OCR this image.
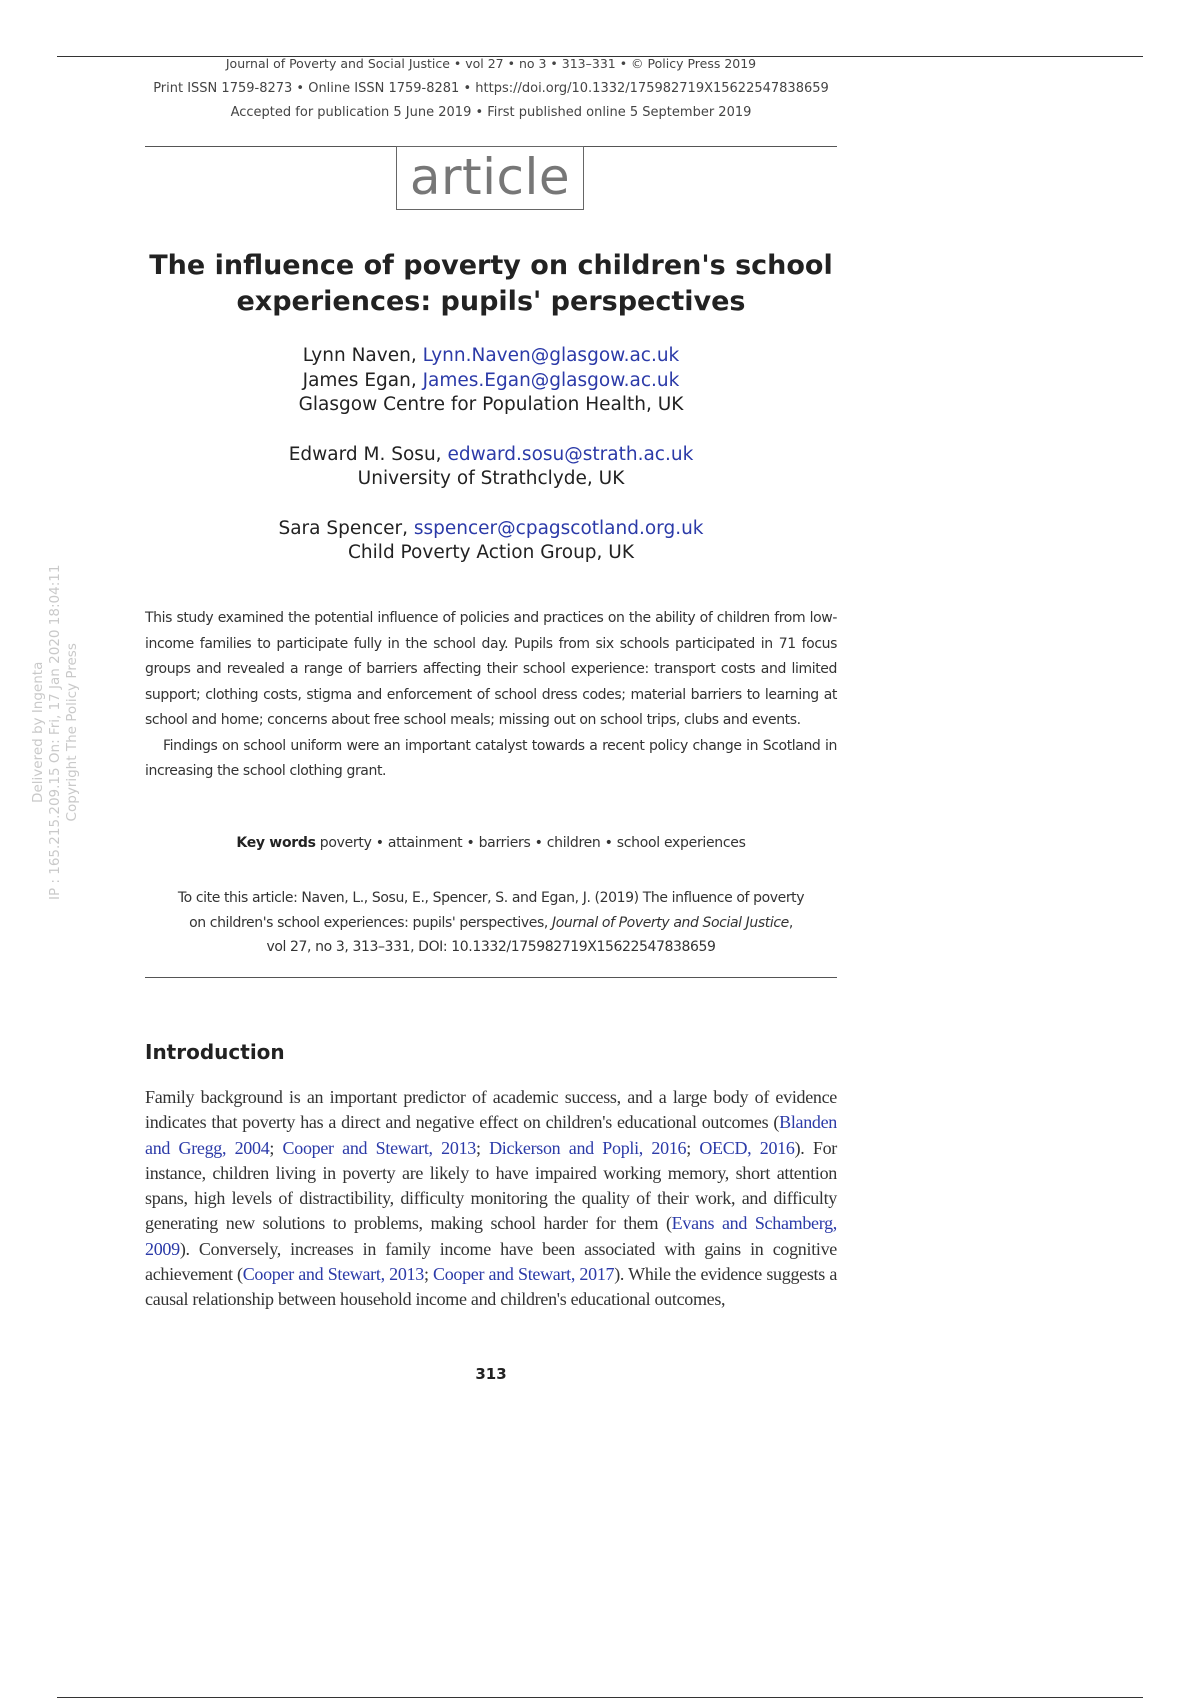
Journal of Poverty and Social Justice • vol 27 • no 3 • 313–331 • © Policy Press 2019
Print ISSN 1759-8273 • Online ISSN 1759-8281 • https://doi.org/10.1332/175982719X15622547838659
Accepted for publication 5 June 2019 • First published online 5 September 2019
article
The influence of poverty on children's school
experiences: pupils' perspectives
Lynn Naven, Lynn.Naven@glasgow.ac.uk
James Egan, James.Egan@glasgow.ac.uk
Glasgow Centre for Population Health, UK
Edward M. Sosu, edward.sosu@strath.ac.uk
University of Strathclyde, UK
Sara Spencer, sspencer@cpagscotland.org.uk
Child Poverty Action Group, UK

This study examined the potential influence of policies and practices on the ability of children from low-income families to participate fully in the school day. Pupils from six schools participated in 71 focus groups and revealed a range of barriers affecting their school experience: transport costs and limited support; clothing costs, stigma and enforcement of school dress codes; material barriers to learning at school and home; concerns about free school meals; missing out on school trips, clubs and events.

Findings on school uniform were an important catalyst towards a recent policy change in Scotland in increasing the school clothing grant.

Key words poverty • attainment • barriers • children • school experiences
To cite this article: Naven, L., Sosu, E., Spencer, S. and Egan, J. (2019) The influence of poverty
on children's school experiences: pupils' perspectives, Journal of Poverty and Social Justice,
vol 27, no 3, 313–331, DOI: 10.1332/175982719X15622547838659
Introduction

Family background is an important predictor of academic success, and a large body of evidence indicates that poverty has a direct and negative effect on children's educational outcomes (Blanden and Gregg, 2004; Cooper and Stewart, 2013; Dickerson and Popli, 2016; OECD, 2016). For instance, children living in poverty are likely to have impaired working memory, short attention spans, high levels of distractibility, difficulty monitoring the quality of their work, and difficulty generating new solutions to problems, making school harder for them (Evans and Schamberg, 2009). Conversely, increases in family income have been associated with gains in cognitive achievement (Cooper and Stewart, 2013; Cooper and Stewart, 2017). While the evidence suggests a causal relationship between household income and children's educational outcomes,

313
Delivered by Ingenta IP : 165.215.209.15 On: Fri, 17 Jan 2020 18:04:11 Copyright The Policy Press
